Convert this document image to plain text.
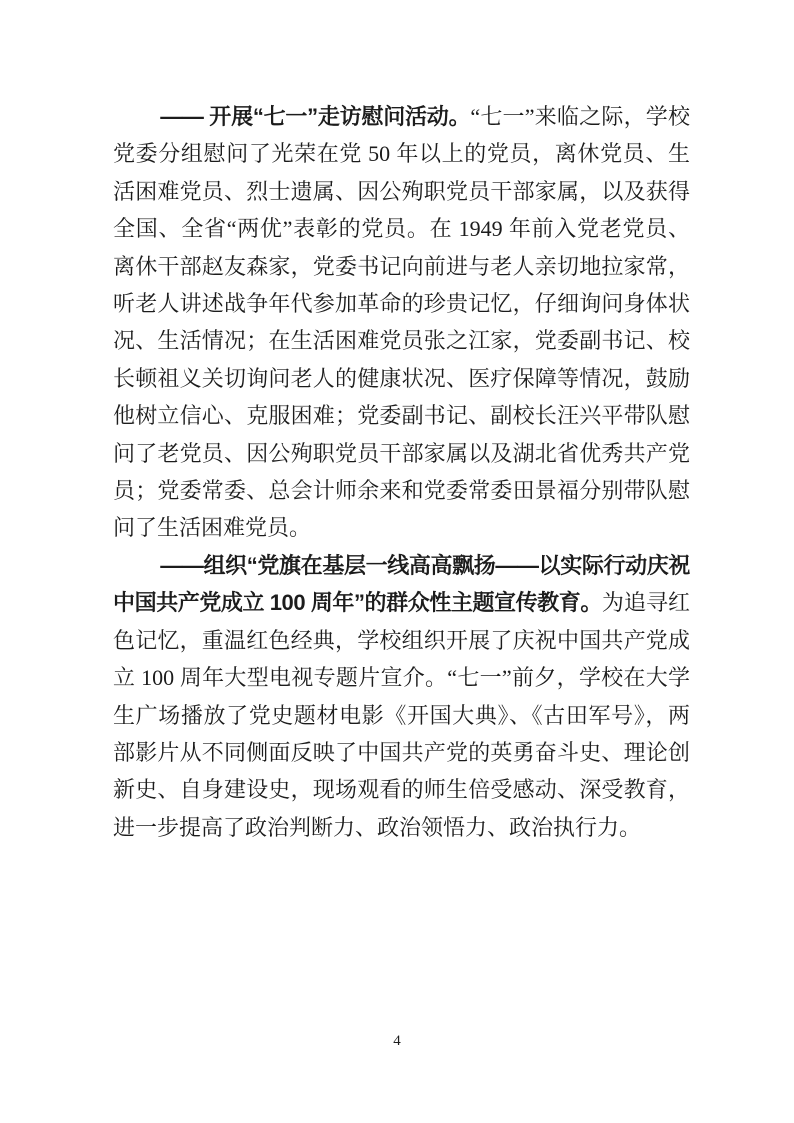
—— 开展“七一”走访慰问活动。“七一”来临之际，学校党委分组慰问了光荣在党 50 年以上的党员，离休党员、生活困难党员、烈士遗属、因公殉职党员干部家属，以及获得全国、全省“两优”表彰的党员。在 1949 年前入党老党员、离休干部赵友森家，党委书记向前进与老人亲切地拉家常，听老人讲述战争年代参加革命的珍贵记忆，仔细询问身体状况、生活情况；在生活困难党员张之江家，党委副书记、校长顿祖义关切询问老人的健康状况、医疗保障等情况，鼓励他树立信心、克服困难；党委副书记、副校长汪兴平带队慰问了老党员、因公殉职党员干部家属以及湖北省优秀共产党员；党委常委、总会计师余来和党委常委田景福分别带队慰问了生活困难党员。

——组织“党旗在基层一线高高飘扬——以实际行动庆祝中国共产党成立 100 周年”的群众性主题宣传教育。为追寻红色记忆，重温红色经典，学校组织开展了庆祝中国共产党成立 100 周年大型电视专题片宣介。“七一”前夕，学校在大学生广场播放了党史题材电影《开国大典》、《古田军号》，两部影片从不同侧面反映了中国共产党的英勇奋斗史、理论创新史、自身建设史，现场观看的师生倍受感动、深受教育，进一步提高了政治判断力、政治领悟力、政治执行力。

4
